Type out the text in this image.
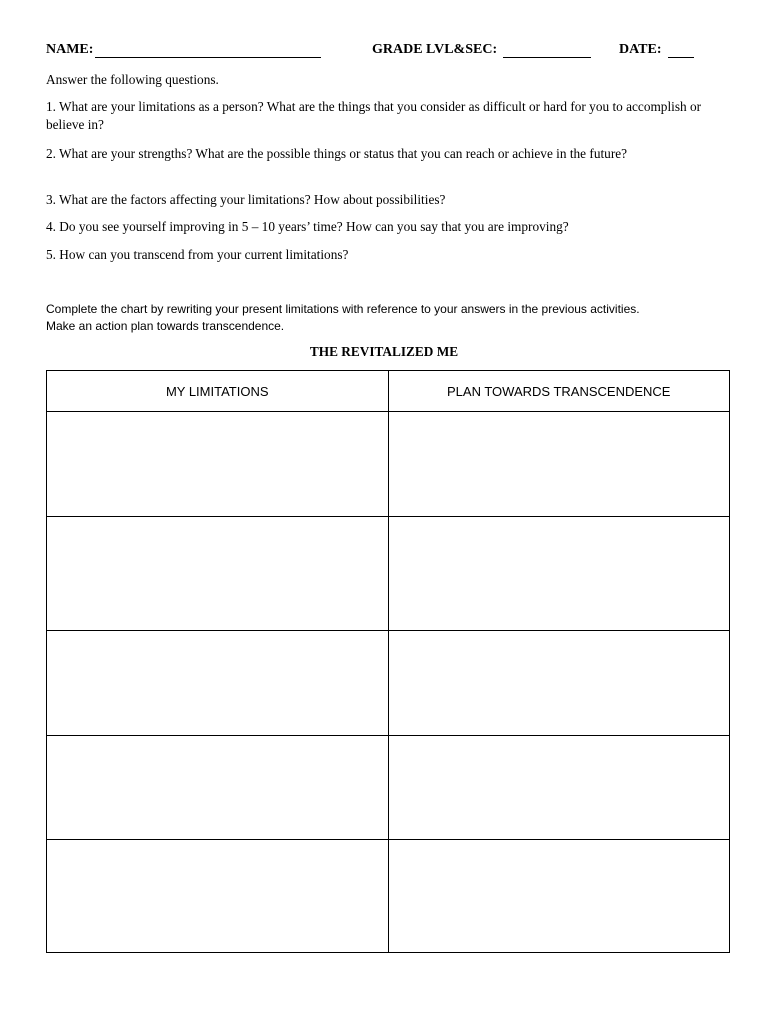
NAME:	GRADE LVL&SEC:	DATE:
Answer the following questions.
1. What are your limitations as a person? What are the things that you consider as difficult or hard for you to accomplish or believe in?
2. What are your strengths? What are the possible things or status that you can reach or achieve in the future?
3. What are the factors affecting your limitations? How about possibilities?
4. Do you see yourself improving in 5 – 10 years’ time? How can you say that you are improving?
5. How can you transcend from your current limitations?
Complete the chart by rewriting your present limitations with reference to your answers in the previous activities.
Make an action plan towards transcendence.
THE REVITALIZED ME
MY LIMITATIONS	PLAN TOWARDS TRANSCENDENCE
